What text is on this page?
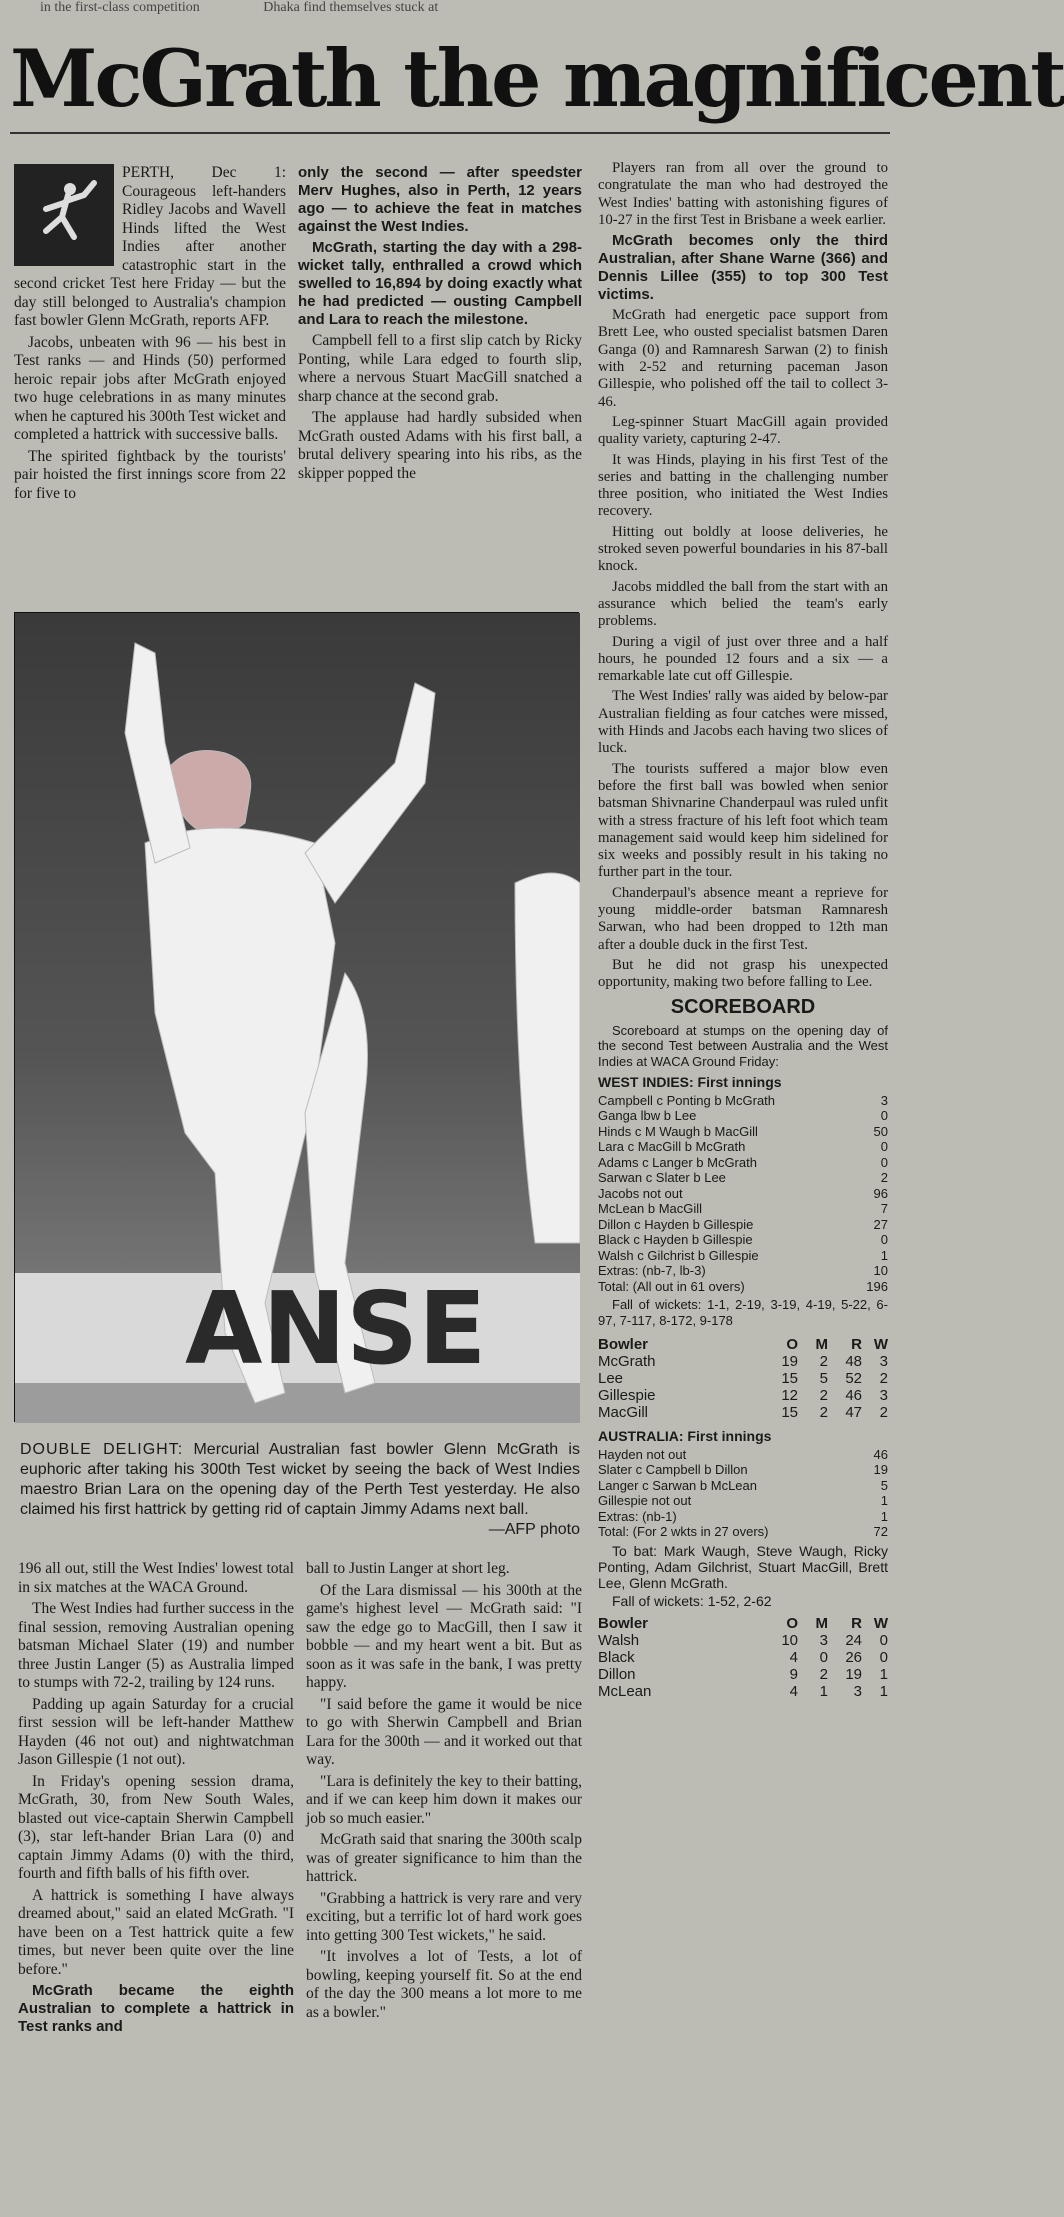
in the first-class competition	Dhaka find themselves stuck at
McGrath the magnificent

PERTH, Dec 1: Courageous left-handers Ridley Jacobs and Wavell Hinds lifted the West Indies after another catastrophic start in the second cricket Test here Friday — but the day still belonged to Australia's champion fast bowler Glenn McGrath, reports AFP.

Jacobs, unbeaten with 96 — his best in Test ranks — and Hinds (50) performed heroic repair jobs after McGrath enjoyed two huge celebrations in as many minutes when he captured his 300th Test wicket and completed a hattrick with successive balls.

The spirited fightback by the tourists' pair hoisted the first innings score from 22 for five to

only the second — after speedster Merv Hughes, also in Perth, 12 years ago — to achieve the feat in matches against the West Indies.

McGrath, starting the day with a 298-wicket tally, enthralled a crowd which swelled to 16,894 by doing exactly what he had predicted — ousting Campbell and Lara to reach the milestone.

Campbell fell to a first slip catch by Ricky Ponting, while Lara edged to fourth slip, where a nervous Stuart MacGill snatched a sharp chance at the second grab.

The applause had hardly subsided when McGrath ousted Adams with his first ball, a brutal delivery spearing into his ribs, as the skipper popped the

ANSE
DOUBLE DELIGHT: Mercurial Australian fast bowler Glenn McGrath is euphoric after taking his 300th Test wicket by seeing the back of West Indies maestro Brian Lara on the opening day of the Perth Test yesterday. He also claimed his first hattrick by getting rid of captain Jimmy Adams next ball.
—AFP photo

196 all out, still the West Indies' lowest total in six matches at the WACA Ground.

The West Indies had further success in the final session, removing Australian opening batsman Michael Slater (19) and number three Justin Langer (5) as Australia limped to stumps with 72-2, trailing by 124 runs.

Padding up again Saturday for a crucial first session will be left-hander Matthew Hayden (46 not out) and nightwatchman Jason Gillespie (1 not out).

In Friday's opening session drama, McGrath, 30, from New South Wales, blasted out vice-captain Sherwin Campbell (3), star left-hander Brian Lara (0) and captain Jimmy Adams (0) with the third, fourth and fifth balls of his fifth over.

A hattrick is something I have always dreamed about," said an elated McGrath. "I have been on a Test hattrick quite a few times, but never been quite over the line before."

McGrath became the eighth Australian to complete a hattrick in Test ranks and

ball to Justin Langer at short leg.

Of the Lara dismissal — his 300th at the game's highest level — McGrath said: "I saw the edge go to MacGill, then I saw it bobble — and my heart went a bit. But as soon as it was safe in the bank, I was pretty happy.

"I said before the game it would be nice to go with Sherwin Campbell and Brian Lara for the 300th — and it worked out that way.

"Lara is definitely the key to their batting, and if we can keep him down it makes our job so much easier."

McGrath said that snaring the 300th scalp was of greater significance to him than the hattrick.

"Grabbing a hattrick is very rare and very exciting, but a terrific lot of hard work goes into getting 300 Test wickets," he said.

"It involves a lot of Tests, a lot of bowling, keeping yourself fit. So at the end of the day the 300 means a lot more to me as a bowler."

Players ran from all over the ground to congratulate the man who had destroyed the West Indies' batting with astonishing figures of 10-27 in the first Test in Brisbane a week earlier.

McGrath becomes only the third Australian, after Shane Warne (366) and Dennis Lillee (355) to top 300 Test victims.

McGrath had energetic pace support from Brett Lee, who ousted specialist batsmen Daren Ganga (0) and Ramnaresh Sarwan (2) to finish with 2-52 and returning paceman Jason Gillespie, who polished off the tail to collect 3-46.

Leg-spinner Stuart MacGill again provided quality variety, capturing 2-47.

It was Hinds, playing in his first Test of the series and batting in the challenging number three position, who initiated the West Indies recovery.

Hitting out boldly at loose deliveries, he stroked seven powerful boundaries in his 87-ball knock.

Jacobs middled the ball from the start with an assurance which belied the team's early problems.

During a vigil of just over three and a half hours, he pounded 12 fours and a six — a remarkable late cut off Gillespie.

The West Indies' rally was aided by below-par Australian fielding as four catches were missed, with Hinds and Jacobs each having two slices of luck.

The tourists suffered a major blow even before the first ball was bowled when senior batsman Shivnarine Chanderpaul was ruled unfit with a stress fracture of his left foot which team management said would keep him sidelined for six weeks and possibly result in his taking no further part in the tour.

Chanderpaul's absence meant a reprieve for young middle-order batsman Ramnaresh Sarwan, who had been dropped to 12th man after a double duck in the first Test.

But he did not grasp his unexpected opportunity, making two before falling to Lee.

SCOREBOARD

Scoreboard at stumps on the opening day of the second Test between Australia and the West Indies at WACA Ground Friday:

WEST INDIES: First innings
Campbell c Ponting b McGrath	3
Ganga lbw b Lee	0
Hinds c M Waugh b MacGill	50
Lara c MacGill b McGrath	0
Adams c Langer b McGrath	0
Sarwan c Slater b Lee	2
Jacobs not out	96
McLean b MacGill	7
Dillon c Hayden b Gillespie	27
Black c Hayden b Gillespie	0
Walsh c Gilchrist b Gillespie	1
Extras: (nb-7, lb-3)	10
Total: (All out in 61 overs)	196

Fall of wickets: 1-1, 2-19, 3-19, 4-19, 5-22, 6-97, 7-117, 8-172, 9-178

Bowler	O	M	R W
McGrath	19	2	48	3
Lee	15	5	52	2
Gillespie	12	2	46	3
MacGill	15	2	47	2
AUSTRALIA: First innings
Hayden not out	46
Slater c Campbell b Dillon	19
Langer c Sarwan b McLean	5
Gillespie not out	1
Extras: (nb-1)	1
Total: (For 2 wkts in 27 overs)	72

To bat: Mark Waugh, Steve Waugh, Ricky Ponting, Adam Gilchrist, Stuart MacGill, Brett Lee, Glenn McGrath.

Fall of wickets: 1-52, 2-62

Bowler	O	M	R W
Walsh	10	3	24	0
Black	4	0	26	0
Dillon	9	2	19	1
McLean	4	1	3	1
